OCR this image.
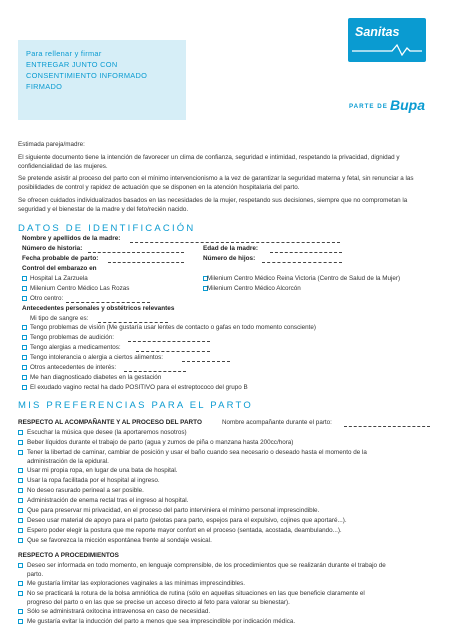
Para rellenar y firmar
ENTREGAR JUNTO CON
CONSENTIMIENTO INFORMADO
FIRMADO
Sanitas
PARTE DE Bupa
Estimada pareja/madre:
El siguiente documento tiene la intención de favorecer un clima de confianza, seguridad e intimidad, respetando la privacidad, dignidad y confidencialidad de las mujeres.
Se pretende asistir al proceso del parto con el mínimo intervencionismo a la vez de garantizar la seguridad materna y fetal, sin renunciar a las posibilidades de control y rapidez de actuación que se disponen en la atención hospitalaria del parto.
Se ofrecen cuidados individualizados basados en las necesidades de la mujer, respetando sus decisiones, siempre que no comprometan la seguridad y el bienestar de la madre y del feto/recién nacido.
DATOS DE IDENTIFICACIÓN
Nombre y apellidos de la madre:
Número de historia:	Edad de la madre:
Fecha probable de parto:	Número de hijos:
Control del embarazo en
Hospital La Zarzuela	Milenium Centro Médico Reina Victoria (Centro de Salud de la Mujer)
Milenium Centro Médico Las Rozas	Milenium Centro Médico Alcorcón
Otro centro:
Antecedentes personales y obstétricos relevantes
Mi tipo de sangre es:
Tengo problemas de visión (Me gustaría usar lentes de contacto o gafas en todo momento consciente)
Tengo problemas de audición:
Tengo alergias a medicamentos:
Tengo intolerancia o alergia a ciertos alimentos:
Otros antecedentes de interés:
Me han diagnosticado diabetes en la gestación
El exudado vagino rectal ha dado POSITIVO para el estreptococo del grupo B
MIS PREFERENCIAS PARA EL PARTO
RESPECTO AL ACOMPAÑANTE Y AL PROCESO DEL PARTO	Nombre acompañante durante el parto:
Escuchar la música que desee (la aportaremos nosotros)
Beber líquidos durante el trabajo de parto (agua y zumos de piña o manzana hasta 200cc/hora)
Tener la libertad de caminar, cambiar de posición y usar el baño cuando sea necesario o deseado hasta el momento de la
administración de la epidural.
Usar mi propia ropa, en lugar de una bata de hospital.
Usar la ropa facilitada por el hospital al ingreso.
No deseo rasurado perineal a ser posible.
Administración de enema rectal tras el ingreso al hospital.
Que para preservar mi privacidad, en el proceso del parto interviniera el mínimo personal imprescindible.
Deseo usar material de apoyo para el parto (pelotas para parto, espejos para el expulsivo, cojines que aportaré...).
Espero poder elegir la postura que me reporte mayor confort en el proceso (sentada, acostada, deambulando...).
Que se favorezca la micción espontánea frente al sondaje vesical.
RESPECTO A PROCEDIMIENTOS
Deseo ser informada en todo momento, en lenguaje comprensible, de los procedimientos que se realizarán durante el trabajo de
parto.
Me gustaría limitar las exploraciones vaginales a las mínimas imprescindibles.
No se practicará la rotura de la bolsa amniótica de rutina (sólo en aquellas situaciones en las que beneficie claramente el
progreso del parto o en las que se precise un acceso directo al feto para valorar su bienestar).
Sólo se administrará oxitocina intravenosa en caso de necesidad.
Me gustaría evitar la inducción del parto a menos que sea imprescindible por indicación médica.
